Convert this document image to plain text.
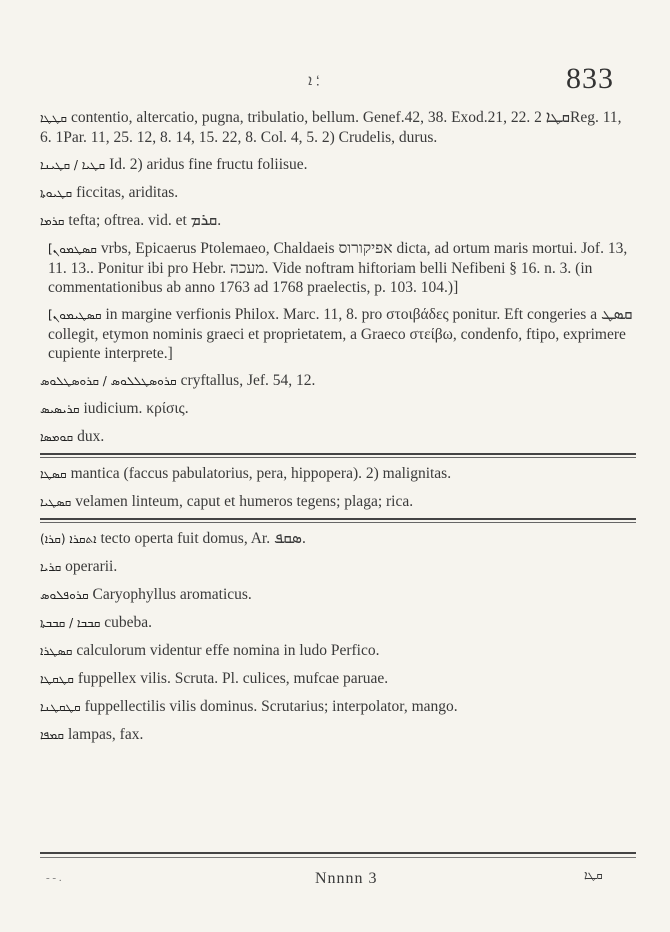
؛ ܐ	833

ܩܛܛܐ contentio, altercatio, pugna, tribulatio, bellum. Genef.42, 38. Exod.21, 22. ܩܛܐ 2Reg. 11, 6. 1Par. 11, 25. 12, 8. 14, 15. 22, 8. Col. 4, 5. 2) Crudelis, durus.

ܩܛܝܐ / ܩܛܝܢܐ Id. 2) aridus fine fructu foliisue.

ܩܛܝܘܬܐ ficcitas, ariditas.

ܩܪܡܐ tefta; oftrea. vid. et ܩܪܡ.

[ܩܣܛܡܘܢ vrbs, Epicaerus Ptolemaeo, Chaldaeis אפיקורוס dicta, ad ortum maris mortui. Jof. 13, 11. 13.. Ponitur ibi pro Hebr. מעכה. Vide noftram hiftoriam belli Nefibeni § 16. n. 3. (in commentationibus ab anno 1763 ad 1768 praelectis, p. 103. 104.)]

[ܩܣܛܝܡܘܢ in margine verfionis Philox. Marc. 11, 8. pro στοιβάδες ponitur. Eft congeries a ܩܣܛ collegit, etymon nominis graeci et proprietatem, a Graeco στείβω, condenfo, ftipo, exprimere cupiente interprete.]

ܩܪܘܣܛܠܠܘܣ / ܩܪܘܣܛܠܘܣ cryftallus, Jef. 54, 12.

ܩܪܝܣܝܣ iudicium. κρίσις.

ܩܘܡܣܐ dux.

ܩܣܛܐ mantica (faccus pabulatorius, pera, hippopera). 2) malignitas.

ܩܣܛܝܐ velamen linteum, caput et humeros tegens; plaga; rica.

(ܩܪܐ) ܐܬܩܪܐ tecto operta fuit domus, Ar. ܣܩܦ.

ܩܪܝܐ operarii.

ܩܪܘܦܠܘܣ Caryophyllus aromaticus.

ܩܒܒܐ / ܩܒܒܬܐ cubeba.

ܩܣܛܪܐ calculorum videntur effe nomina in ludo Perfico.

ܩܛܩܛܐ fuppellex vilis. Scruta. Pl. culices, mufcae paruae.

ܩܛܩܛܢܐ fuppellectilis vilis dominus. Scrutarius; interpolator, mango.

ܩܡܦܐ lampas, fax.

- - .	Nnnnn 3	ܩܛܐ
